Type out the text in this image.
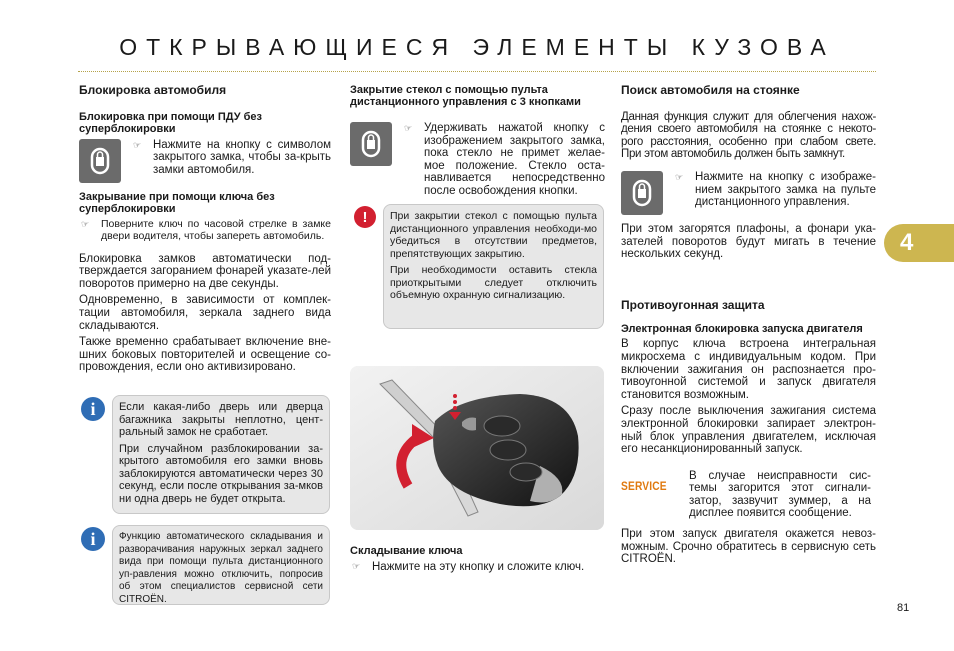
ОТКРЫВАЮЩИЕСЯ ЭЛЕМЕНТЫ КУЗОВА
Блокировка автомобиля
Блокировка при помощи ПДУ без суперблокировки
☞	Нажмите на кнопку с символом закрытого замка, чтобы за-крыть замки автомобиля.

Закрывание при помощи ключа без суперблокировки
☞	Поверните ключ по часовой стрелке в замке двери водителя, чтобы запереть автомобиль.

Блокировка замков автоматически под-тверждается загоранием фонарей указате-лей поворотов примерно на две секунды.

Одновременно, в зависимости от комплек-тации автомобиля, зеркала заднего вида складываются.

Также временно срабатывает включение вне-шних боковых повторителей и освещение со-провождения, если оно активизировано.

i	Если какая-либо дверь или дверца багажника закрыты неплотно, цент-ральный замок не сработает.

При случайном разблокировании за-крытого автомобиля его замки вновь заблокируются автоматически через 30 секунд, если после открывания за-мков ни одна дверь не будет открыта.

i	Функцию автоматического складывания и разворачивания наружных зеркал заднего вида при помощи пульта дистанционного уп-равления можно отключить, попросив об этом специалистов сервисной сети CITROËN.

Закрытие стекол с помощью пульта дистанционного управления с 3 кнопками
☞	Удерживать нажатой кнопку с изображением закрытого замка, пока стекло не примет желае-мое положение. Стекло оста-навливается непосредственно после освобождения кнопки.

!	При закрытии стекол с помощью пульта дистанционного управления необходи-мо убедиться в отсутствии предметов, препятствующих закрытию.

При необходимости оставить стекла приоткрытыми следует отключить объемную охранную сигнализацию.

Складывание ключа
☞	Нажмите на эту кнопку и сложите ключ.

Поиск автомобиля на стоянке

Данная функция служит для облегчения нахож-дения своего автомобиля на стоянке с некото-рого расстояния, особенно при слабом свете. При этом автомобиль должен быть замкнут.

☞	Нажмите на кнопку с изображе-нием закрытого замка на пульте дистанционного управления.

При этом загорятся плафоны, а фонари ука-зателей поворотов будут мигать в течение нескольких секунд.

Противоугонная защита
Электронная блокировка запуска двигателя

В корпус ключа встроена интегральная микросхема с индивидуальным кодом. При включении зажигания он распознается про-тивоугонной системой и запуск двигателя становится возможным.

Сразу после выключения зажигания система электронной блокировки запирает электрон-ный блок управления двигателем, исключая его несанкционированный запуск.

SERVICE

В случае неисправности сис-темы загорится этот сигнали-затор, зазвучит зуммер, а на дисплее появится сообщение.

При этом запуск двигателя окажется невоз-можным. Срочно обратитесь в сервисную сеть CITROËN.

4
81
